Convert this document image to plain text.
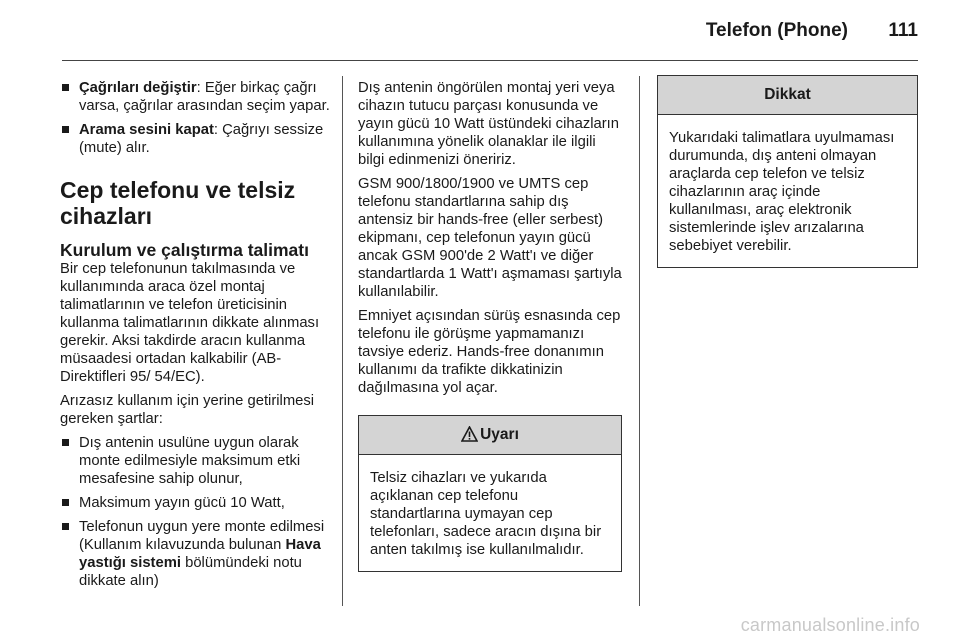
Telefon (Phone) 111
Çağrıları değiştir: Eğer birkaç çağrı varsa, çağrılar arasından seçim yapar.
Arama sesini kapat: Çağrıyı sessize (mute) alır.
Cep telefonu ve telsiz cihazları
Kurulum ve çalıştırma talimatı

Bir cep telefonunun takılmasında ve kullanımında araca özel montaj talimatlarının ve telefon üreticisinin kullanma talimatlarının dikkate alınması gerekir. Aksi takdirde aracın kullanma müsaadesi ortadan kalkabilir (AB-Direktifleri 95/ 54/EC).

Arızasız kullanım için yerine getirilmesi gereken şartlar:

Dış antenin usulüne uygun olarak monte edilmesiyle maksimum etki mesafesine sahip olunur,
Maksimum yayın gücü 10 Watt,
Telefonun uygun yere monte edilmesi (Kullanım kılavuzunda bulunan Hava yastığı sistemi bölümündeki notu dikkate alın)

Dış antenin öngörülen montaj yeri veya cihazın tutucu parçası konusunda ve yayın gücü 10 Watt üstündeki cihazların kullanımına yönelik olanaklar ile ilgili bilgi edinmenizi öneririz.

GSM 900/1800/1900 ve UMTS cep telefonu standartlarına sahip dış antensiz bir hands-free (eller serbest) ekipmanı, cep telefonun yayın gücü ancak GSM 900'de 2 Watt'ı ve diğer standartlarda 1 Watt'ı aşmaması şartıyla kullanılabilir.

Emniyet açısından sürüş esnasında cep telefonu ile görüşme yapmamanızı tavsiye ederiz. Hands-free donanımın kullanımı da trafikte dikkatinizin dağılmasına yol açar.

Uyarı
Telsiz cihazları ve yukarıda açıklanan cep telefonu standartlarına uymayan cep telefonları, sadece aracın dışına bir anten takılmış ise kullanılmalıdır.
Dikkat
Yukarıdaki talimatlara uyulmaması durumunda, dış anteni olmayan araçlarda cep telefon ve telsiz cihazlarının araç içinde kullanılması, araç elektronik sistemlerinde işlev arızalarına sebebiyet verebilir.
carmanualsonline.info
